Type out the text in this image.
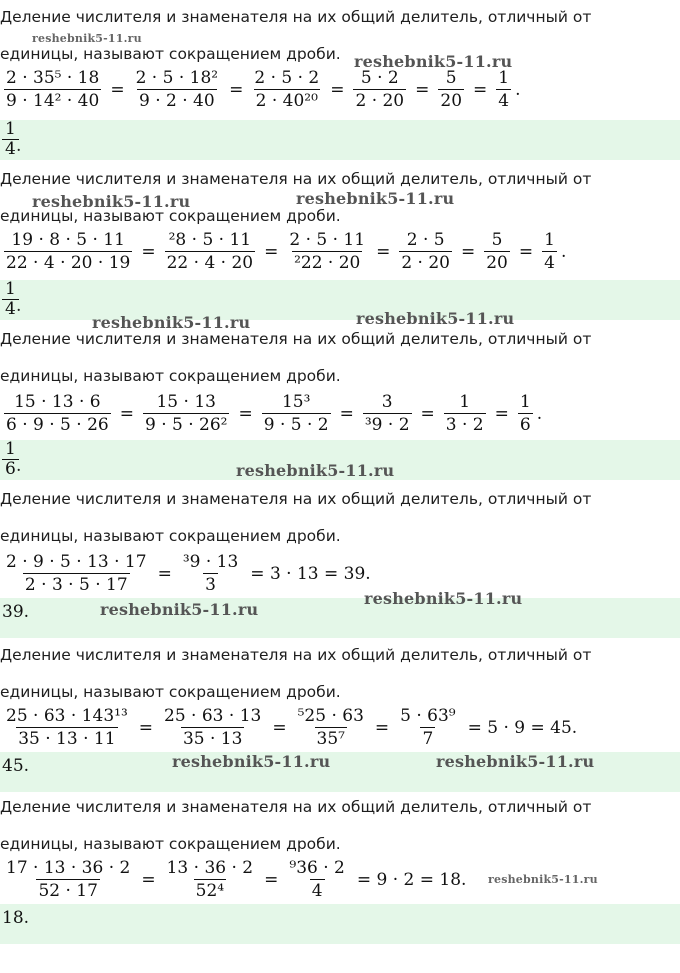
Деление числителя и знаменателя на их общий делитель, отличный от
единицы, называют сокращением дроби.
$\frac{\text{2 · 35⁵ · 18}}{\text{9 · 14² · 40}} = \frac{\text{2 · 5 · 18²}}{9 \cdot 2 \cdot 40} = \frac{2 \cdot 5 \cdot 2}{\text{2 · 40²⁰}} = \frac{5 \cdot 2}{2 \cdot 20} = \frac{5}{20} = \frac{1}{4}$ .
$\frac{1}{4}$
.
Деление числителя и знаменателя на их общий делитель, отличный от
единицы, называют сокращением дроби.
$\frac{19 \cdot 8 \cdot 5 \cdot 11}{22 \cdot 4 \cdot 20 \cdot 19} = \frac{\text{²8 · 5 · 11}}{22 \cdot 4 \cdot 20} = \frac{2 \cdot 5 \cdot 11}{\text{²22 · 20}} = \frac{2 \cdot 5}{2 \cdot 20} = \frac{5}{20} = \frac{1}{4}$ .
$\frac{1}{4}$
.
Деление числителя и знаменателя на их общий делитель, отличный от
единицы, называют сокращением дроби.
$\frac{15 \cdot 13 \cdot 6}{6 \cdot 9 \cdot 5 \cdot 26} = \frac{15 \cdot 13}{\text{9 · 5 · 26²}} = \frac{\text{15³}}{9 \cdot 5 \cdot 2} = \frac{3}{\text{³9 · 2}} = \frac{1}{3 \cdot 2} = \frac{1}{6}$ .
$\frac{1}{6}$
.
Деление числителя и знаменателя на их общий делитель, отличный от
единицы, называют сокращением дроби.
$\frac{2 \cdot 9 \cdot 5 \cdot 13 \cdot 17}{2 \cdot 3 \cdot 5 \cdot 17} = \frac{\text{³9 · 13}}{3} = 3 \cdot 13 = 39$.
39.
Деление числителя и знаменателя на их общий делитель, отличный от
единицы, называют сокращением дроби.
$\frac{\text{25 · 63 · 143¹³}}{35 \cdot 13 \cdot 11} = \frac{25 \cdot 63 \cdot 13}{35 \cdot 13} = \frac{\text{⁵25 · 63}}{\text{35⁷}} = \frac{\text{5 · 63⁹}}{7} = 5 \cdot 9 = 45$.
45.
Деление числителя и знаменателя на их общий делитель, отличный от
единицы, называют сокращением дроби.
$\frac{17 \cdot 13 \cdot 36 \cdot 2}{52 \cdot 17} = \frac{13 \cdot 36 \cdot 2}{\text{52⁴}} = \frac{\text{⁹36 · 2}}{4} = 9 \cdot 2 = 18$.
18.
reshebnik5-11.ru
reshebnik5-11.ru
reshebnik5-11.ru	reshebnik5-11.ru
reshebnik5-11.ru	reshebnik5-11.ru
reshebnik5-11.ru
reshebnik5-11.ru
reshebnik5-11.ru
reshebnik5-11.ru	reshebnik5-11.ru
reshebnik5-11.ru
